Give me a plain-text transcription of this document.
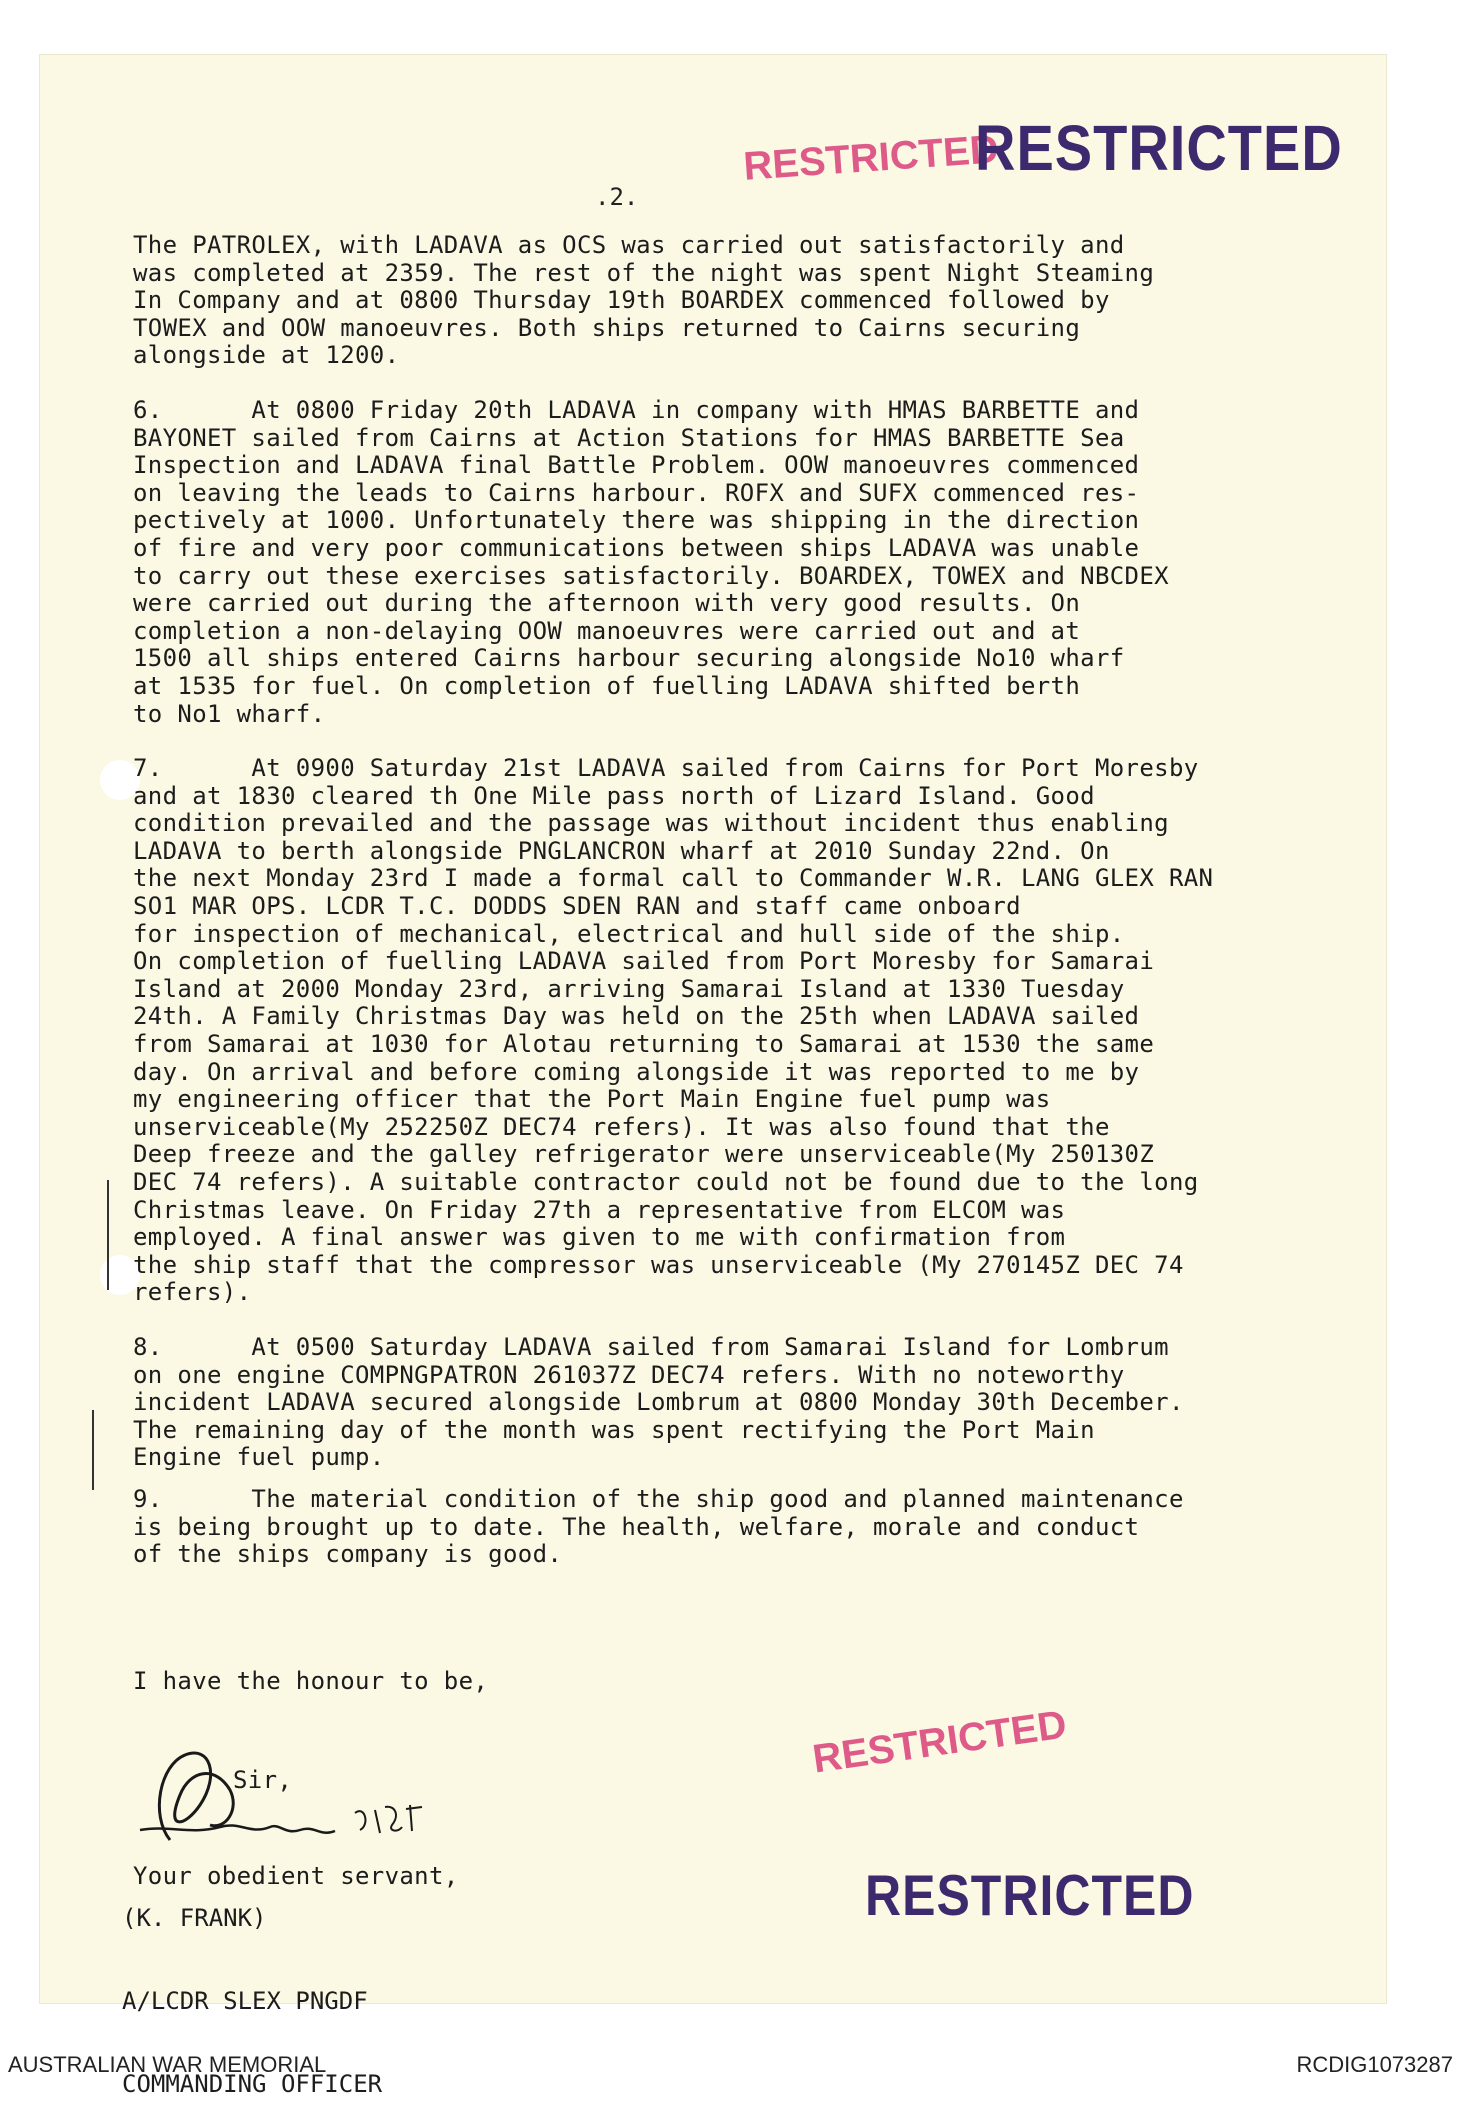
RESTRICTED
RESTRICTED
.2.
The PATROLEX, with LADAVA as OCS was carried out satisfactorily and
was completed at 2359. The rest of the night was spent Night Steaming
In Company and at 0800 Thursday 19th BOARDEX commenced followed by
TOWEX and OOW manoeuvres. Both ships returned to Cairns securing
alongside at 1200.
6.      At 0800 Friday 20th LADAVA in company with HMAS BARBETTE and
BAYONET sailed from Cairns at Action Stations for HMAS BARBETTE Sea
Inspection and LADAVA final Battle Problem. OOW manoeuvres commenced
on leaving the leads to Cairns harbour. ROFX and SUFX commenced res-
pectively at 1000. Unfortunately there was shipping in the direction
of fire and very poor communications between ships LADAVA was unable
to carry out these exercises satisfactorily. BOARDEX, TOWEX and NBCDEX
were carried out during the afternoon with very good results. On
completion a non-delaying OOW manoeuvres were carried out and at
1500 all ships entered Cairns harbour securing alongside No10 wharf
at 1535 for fuel. On completion of fuelling LADAVA shifted berth
to No1 wharf.
7.      At 0900 Saturday 21st LADAVA sailed from Cairns for Port Moresby
and at 1830 cleared th One Mile pass north of Lizard Island. Good
condition prevailed and the passage was without incident thus enabling
LADAVA to berth alongside PNGLANCRON wharf at 2010 Sunday 22nd. On
the next Monday 23rd I made a formal call to Commander W.R. LANG GLEX RAN
SO1 MAR OPS. LCDR T.C. DODDS SDEN RAN and staff came onboard
for inspection of mechanical, electrical and hull side of the ship.
On completion of fuelling LADAVA sailed from Port Moresby for Samarai
Island at 2000 Monday 23rd, arriving Samarai Island at 1330 Tuesday
24th. A Family Christmas Day was held on the 25th when LADAVA sailed
from Samarai at 1030 for Alotau returning to Samarai at 1530 the same
day. On arrival and before coming alongside it was reported to me by
my engineering officer that the Port Main Engine fuel pump was
unserviceable(My 252250Z DEC74 refers). It was also found that the
Deep freeze and the galley refrigerator were unserviceable(My 250130Z
DEC 74 refers). A suitable contractor could not be found due to the long
Christmas leave. On Friday 27th a representative from ELCOM was
employed. A final answer was given to me with confirmation from
the ship staff that the compressor was unserviceable (My 270145Z DEC 74
refers).
8.      At 0500 Saturday LADAVA sailed from Samarai Island for Lombrum
on one engine COMPNGPATRON 261037Z DEC74 refers. With no noteworthy
incident LADAVA secured alongside Lombrum at 0800 Monday 30th December.
The remaining day of the month was spent rectifying the Port Main
Engine fuel pump.
9.      The material condition of the ship good and planned maintenance
is being brought up to date. The health, welfare, morale and conduct
of the ships company is good.

I have the honour to be,

Sir,

Your obedient servant,

(K. FRANK)

A/LCDR SLEX PNGDF

COMMANDING OFFICER

RESTRICTED
RESTRICTED
AUSTRALIAN WAR MEMORIAL	RCDIG1073287
